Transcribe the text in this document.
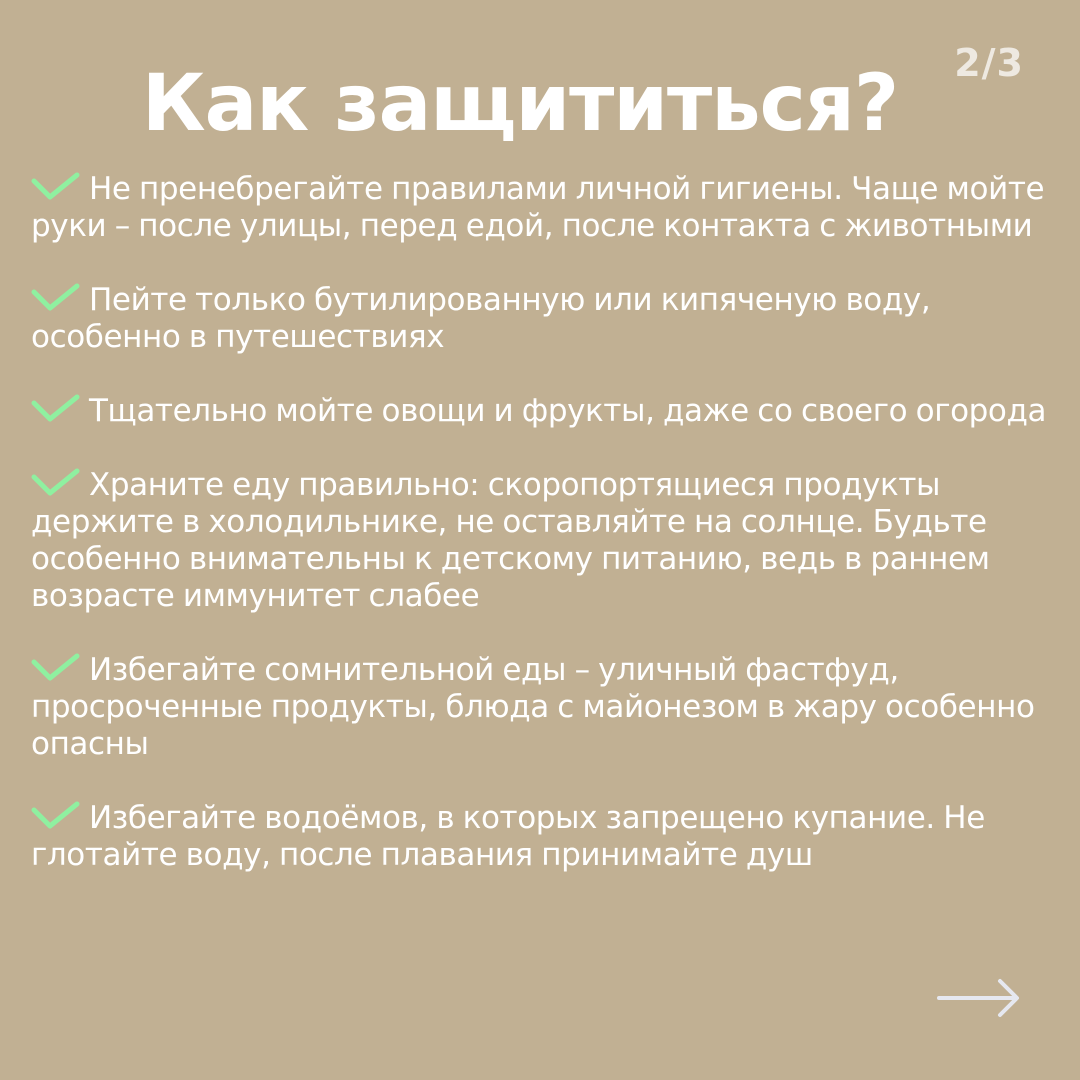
2/3
Как защититься?
Не пренебрегайте правилами личной гигиены. Чаще мойте руки – после улицы, перед едой, после контакта с животными
Пейте только бутилированную или кипяченую воду, особенно в путешествиях
Тщательно мойте овощи и фрукты, даже со своего огорода
Храните еду правильно: скоропортящиеся продукты держите в холодильнике, не оставляйте на солнце. Будьте особенно внимательны к детскому питанию, ведь в раннем возрасте иммунитет слабее
Избегайте сомнительной еды – уличный фастфуд, просроченные продукты, блюда с майонезом в жару особенно опасны
Избегайте водоёмов, в которых запрещено купание. Не глотайте воду, после плавания принимайте душ
